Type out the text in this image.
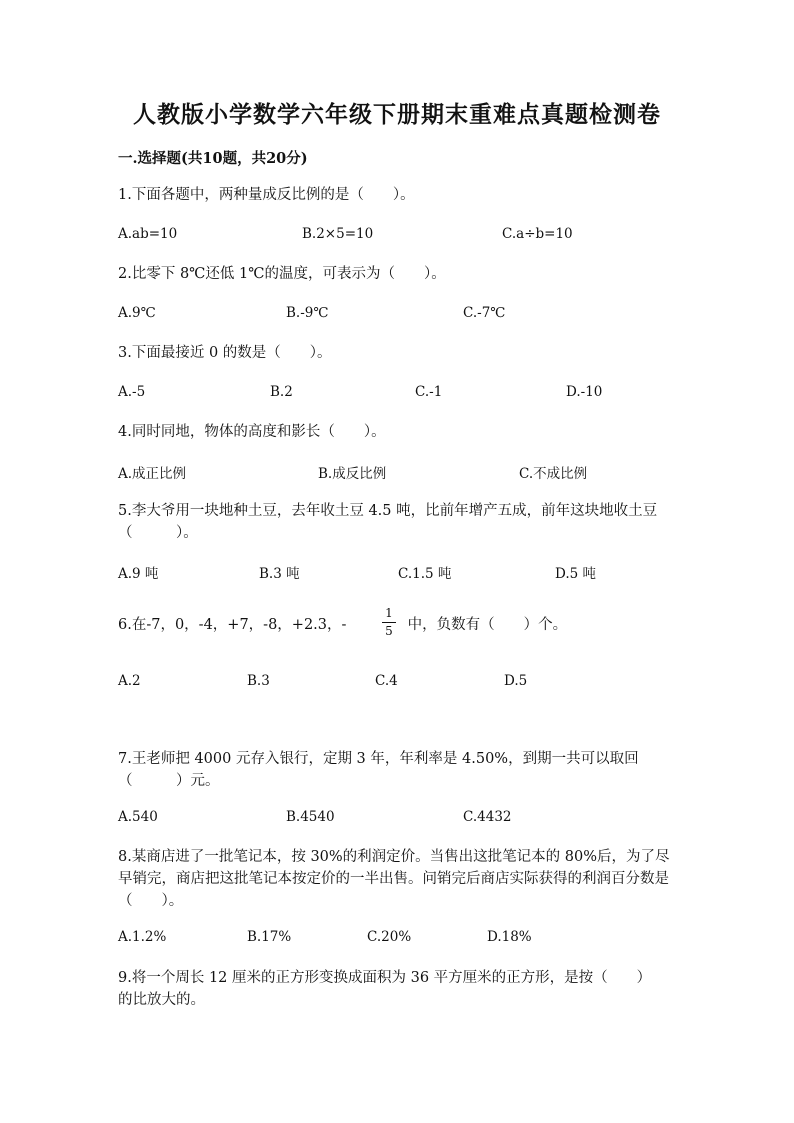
人教版小学数学六年级下册期末重难点真题检测卷
一.选择题(共10题，共20分)
1.下面各题中，两种量成反比例的是（　　）。
A.ab=10	B.2×5=10	C.a÷b=10
2.比零下 8℃还低 1℃的温度，可表示为（　　）。
A.9℃	B.-9℃	C.-7℃
3.下面最接近 0 的数是（　　）。
A.-5	B.2	C.-1	D.-10
4.同时同地，物体的高度和影长（　　）。
A.成正比例	B.成反比例	C.不成比例
5.李大爷用一块地种土豆，去年收土豆 4.5 吨，比前年增产五成，前年这块地收土豆（　　　）。
A.9 吨	B.3 吨	C.1.5 吨	D.5 吨
6.在-7，0，-4，+7，-8，+2.3，-	中，负数有（　　）个。
1
5
A.2	B.3	C.4	D.5
7.王老师把 4000 元存入银行，定期 3 年，年利率是 4.50%，到期一共可以取回（　　　）元。
A.540	B.4540	C.4432
8.某商店进了一批笔记本，按 30%的利润定价。当售出这批笔记本的 80%后，为了尽早销完，商店把这批笔记本按定价的一半出售。问销完后商店实际获得的利润百分数是（　　）。
A.1.2%	B.17%	C.20%	D.18%
9.将一个周长 12 厘米的正方形变换成面积为 36 平方厘米的正方形，是按（　　）的比放大的。
